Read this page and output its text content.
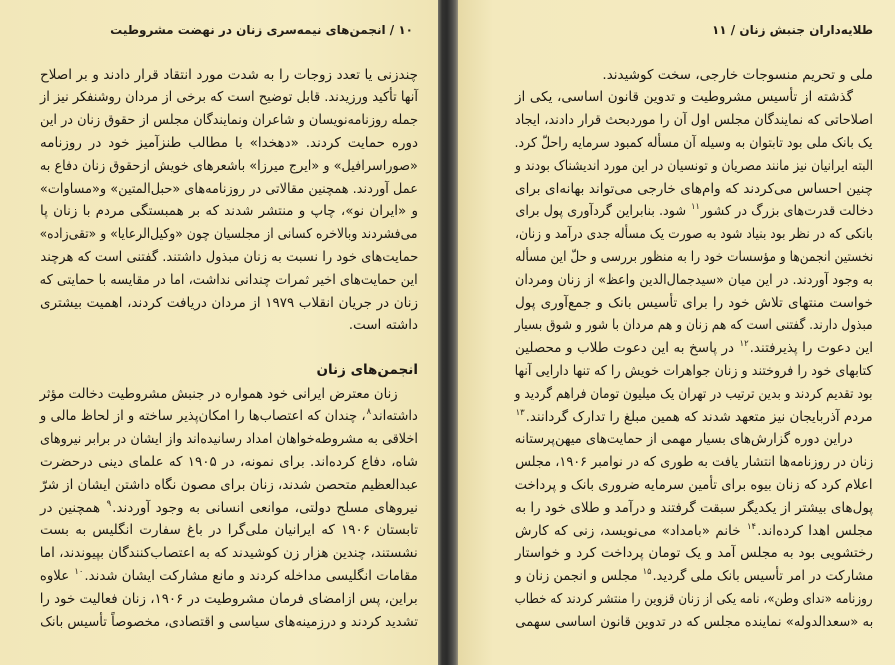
۱۰ / انجمن‌های نیمه‌سری زنان در نهضت مشروطیت
چندزنی یا تعدد زوجات را به شدت مورد انتقاد قرار دادند و بر اصلاح
آنها تأکید ورزیدند. قابل توضیح است که برخی از مردان روشنفکر نیز از
جمله روزنامه‌نویسان و شاعران ونمایندگان مجلس از حقوق زنان در این
دوره حمایت کردند. «دهخدا» با مطالب طنزآمیز خود در روزنامه
«صوراسرافیل» و «ایرج میرزا» باشعرهای خویش ازحقوق زنان دفاع به
عمل آوردند. همچنین مقالاتی در روزنامه‌های «حبل‌المتین» و«مساوات»
و «ایران نو»، چاپ و منتشر شدند که بر همبستگی مردم با زنان پا
می‌فشردند وبالاخره کسانی از مجلسیان چون «وکیل‌الرعایا» و «تقی‌زاده»
حمایت‌های خود را نسبت به زنان مبذول داشتند. گفتنی است که هرچند
این حمایت‌های اخیر ثمرات چندانی نداشت، اما در مقایسه با حمایتی که
زنان در جریان انقلاب ۱۹۷۹ از مردان دریافت کردند، اهمیت بیشتری
داشته است.
انجمن‌های زنان
زنان معترض ایرانی خود همواره در جنبش مشروطیت دخالت مؤثر
داشته‌اند$^۸$، چندان که اعتصاب‌ها را امکان‌پذیر ساخته و از لحاظ مالی و
اخلاقی به مشروطه‌خواهان امداد رسانیده‌اند واز ایشان در برابر نیروهای
شاه، دفاع کرده‌اند. برای نمونه، در ۱۹۰۵ که علمای دینی درحضرت
عبدالعظیم متحصن شدند، زنان برای مصون نگاه داشتن ایشان از شرّ
نیروهای مسلح دولتی، موانعی انسانی به وجود آوردند.$^۹$ همچنین در
تابستان ۱۹۰۶ که ایرانیان ملی‌گرا در باغ سفارت انگلیس به بست
نشستند، چندین هزار زن کوشیدند که به اعتصاب‌کنندگان بپیوندند، اما
مقامات انگلیسی مداخله کردند و مانع مشارکت ایشان شدند.$^{۱۰}$ علاوه
براین، پس ازامضای فرمان مشروطیت در ۱۹۰۶، زنان فعالیت خود را
تشدید کردند و درزمینه‌های سیاسی و اقتصادی، مخصوصاً تأسیس بانک
طلایه‌داران جنبش زنان / ۱۱
ملی و تحریم منسوجات خارجی، سخت کوشیدند.
گذشته از تأسیس مشروطیت و تدوین قانون اساسی، یکی از
اصلاحاتی که نمایندگان مجلس اول آن را موردبحث قرار دادند، ایجاد
یک بانک ملی بود تابتوان به وسیله آن مسأله کمبود سرمایه راحلّ کرد.
البته ایرانیان نیز مانند مصریان و تونسیان در این مورد اندیشناک بودند و
چنین احساس می‌کردند که وام‌های خارجی می‌تواند بهانه‌ای برای
دخالت قدرت‌های بزرگ در کشور$^{۱۱}$ شود. بنابراین گردآوری پول برای
بانکی که در نظر بود بنیاد شود به صورت یک مسأله جدی درآمد و زنان،
نخستین انجمن‌ها و مؤسسات خود را به منظور بررسی و حلّ این مسأله
به وجود آوردند. در این میان «سیدجمال‌الدین واعظ» از زنان ومردان
خواست منتهای تلاش خود را برای تأسیس بانک و جمع‌آوری پول
مبذول دارند. گفتنی است که هم زنان و هم مردان با شور و شوق بسیار
این دعوت را پذیرفتند.$^{۱۲}$ در پاسخ به این دعوت طلاب و محصلین
کتابهای خود را فروختند و زنان جواهرات خویش را که تنها دارایی آنها
بود تقدیم کردند و بدین ترتیب در تهران یک میلیون تومان فراهم گردید و
مردم آذربایجان نیز متعهد شدند که همین مبلغ را تدارک گردانند.$^{۱۳}$
دراین دوره گزارش‌های بسیار مهمی از حمایت‌های میهن‌پرستانه
زنان در روزنامه‌ها انتشار یافت به طوری که در نوامبر ۱۹۰۶، مجلس
اعلام کرد که زنان بیوه برای تأمین سرمایه ضروری بانک و پرداخت
پول‌های بیشتر از یکدیگر سبقت گرفتند و درآمد و طلای خود را به
مجلس اهدا کرده‌اند.$^{۱۴}$ خانم «بامداد» می‌نویسد، زنی که کارش
رختشویی بود به مجلس آمد و یک تومان پرداخت کرد و خواستار
مشارکت در امر تأسیس بانک ملی گردید.$^{۱۵}$ مجلس و انجمن زنان و
روزنامه «ندای وطن»، نامه یکی از زنان قزوین را منتشر کردند که خطاب
به «سعدالدوله» نماینده مجلس که در تدوین قانون اساسی سهمی
